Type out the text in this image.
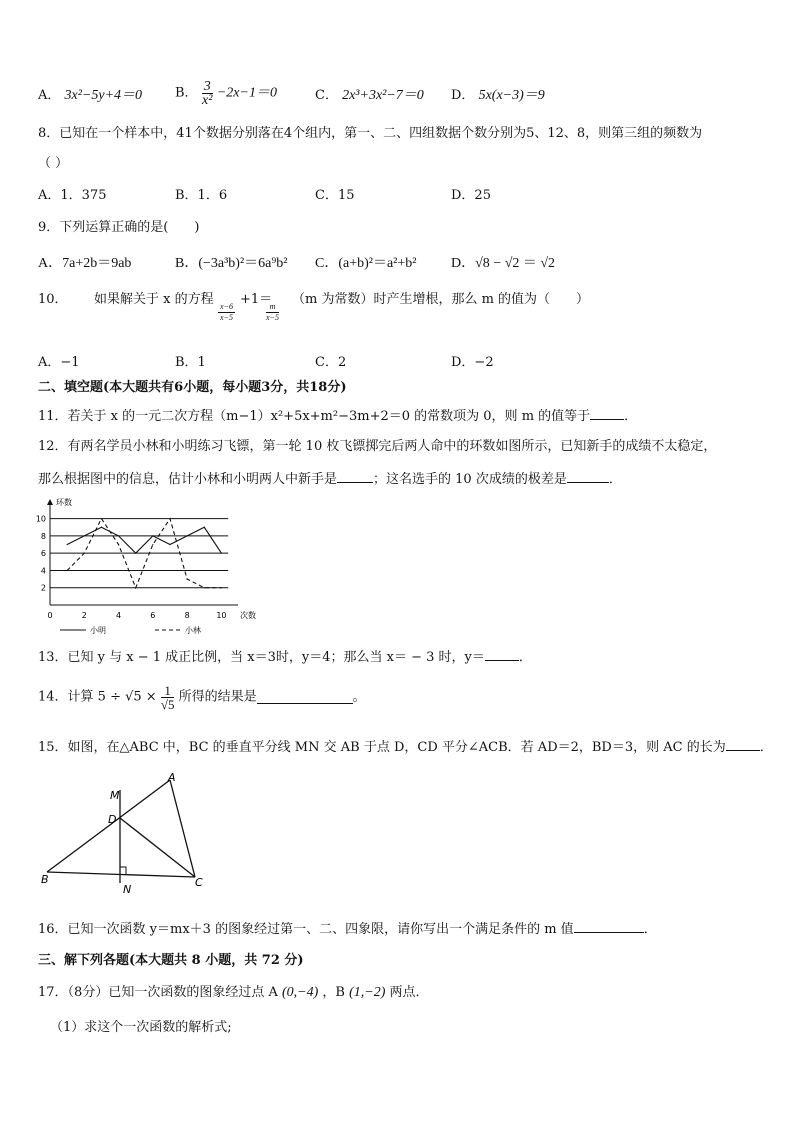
A． 3x²−5y+4＝0	B． $\frac{3}{\text{x²}} -2x-1=0$	C． 2x³+3x²−7＝0 D． 5x(x−3)＝9
8．已知在一个样本中，41个数据分别落在4个组内，第一、二、四组数据个数分别为5、12、8，则第三组的频数为
（ ）
A．1．375	B．1．6	C．15	D．25
9．下列运算正确的是(　　)
A．7a+2b＝9ab	B．(−3a³b)²＝6a⁹b² C．(a+b)²＝a²+b² D．√8 − √2 ＝ √2
10． 如果解关于 x 的方程
$\frac{x-6}{x-5}$
+1＝
$\frac{m}{x-5}$
（m 为常数）时产生增根，那么 m 的值为（　　）
A．−1	B．1	C．2	D．−2
二、填空题(本大题共有6小题，每小题3分，共18分)
11．若关于 x 的一元二次方程（m−1）x²+5x+m²−3m+2＝0 的常数项为 0，则 m 的值等于	．
12．有两名学员小林和小明练习飞镖，第一轮 10 枚飞镖掷完后两人命中的环数如图所示，已知新手的成绩不太稳定，
那么根据图中的信息，估计小林和小明两人中新手是	；这名选手的 10 次成绩的极差是	．
2
4
6
8
10
0	2	4	6	8	10
环数
次数
小明	小林
13．已知 y 与 x − 1 成正比例，当 x＝3时，y＝4；那么当 x＝ − 3 时，y＝	．
14．计算 $5 \div √5 \times \frac{1}{√5}$ 所得的结果是	。
15．如图，在△ABC 中，BC 的垂直平分线 MN 交 AB 于点 D，CD 平分∠ACB．若 AD＝2，BD＝3，则 AC 的长为	．
A
B	C
D
M
N
16．已知一次函数 y＝mx＋3 的图象经过第一、二、四象限，请你写出一个满足条件的 m 值	．
三、解下列各题(本大题共 8 小题，共 72 分)
17．（8分）已知一次函数的图象经过点 A (0,−4) ，B (1,−2) 两点．
（1）求这个一次函数的解析式;
